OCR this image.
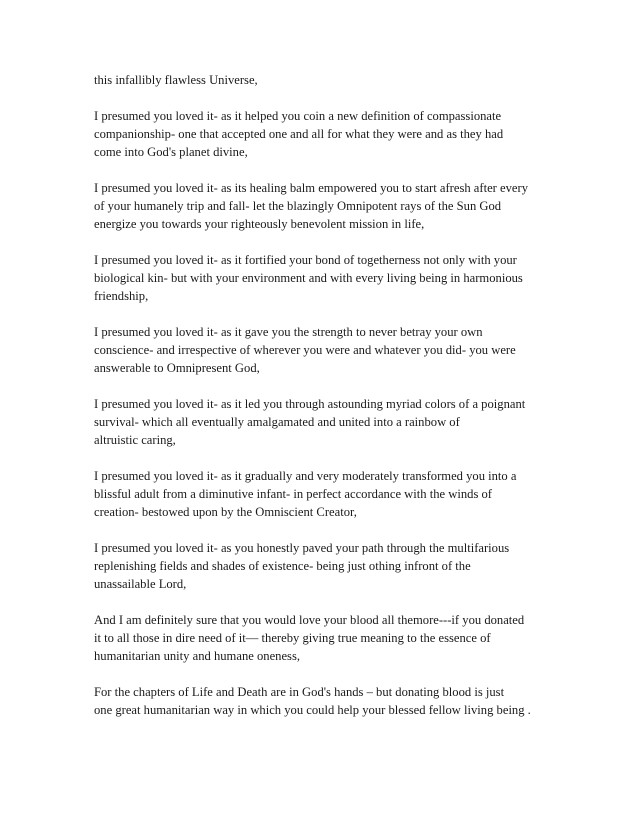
this infallibly flawless Universe,

I presumed you loved it- as it helped you coin a new definition of compassionate
companionship- one that accepted one and all for what they were and as they had
come into God's planet divine,

I presumed you loved it- as its healing balm empowered you to start afresh after every
of your humanely trip and fall- let the blazingly Omnipotent rays of the Sun God
energize you towards your righteously benevolent mission in life,

I presumed you loved it- as it fortified your bond of togetherness not only with your
biological kin- but with your environment and with every living being in harmonious
friendship,

I presumed you loved it- as it gave you the strength to never betray your own
conscience- and irrespective of wherever you were and whatever you did- you were
answerable to Omnipresent God,

I presumed you loved it- as it led you through astounding myriad colors of a poignant
survival- which all eventually amalgamated and united into a rainbow of
altruistic caring,

I presumed you loved it- as it gradually and very moderately transformed you into a
blissful adult from a diminutive infant- in perfect accordance with the winds of
creation- bestowed upon by the Omniscient Creator,

I presumed you loved it- as you honestly paved your path through the multifarious
replenishing fields and shades of existence- being just othing infront of the
unassailable Lord,

And I am definitely sure that you would love your blood all themore---if you donated
it to all those in dire need of it— thereby giving true meaning to the essence of
humanitarian unity and humane oneness,

For the chapters of Life and Death are in God's hands – but donating blood is just
one great humanitarian way in which you could help your blessed fellow living being .
